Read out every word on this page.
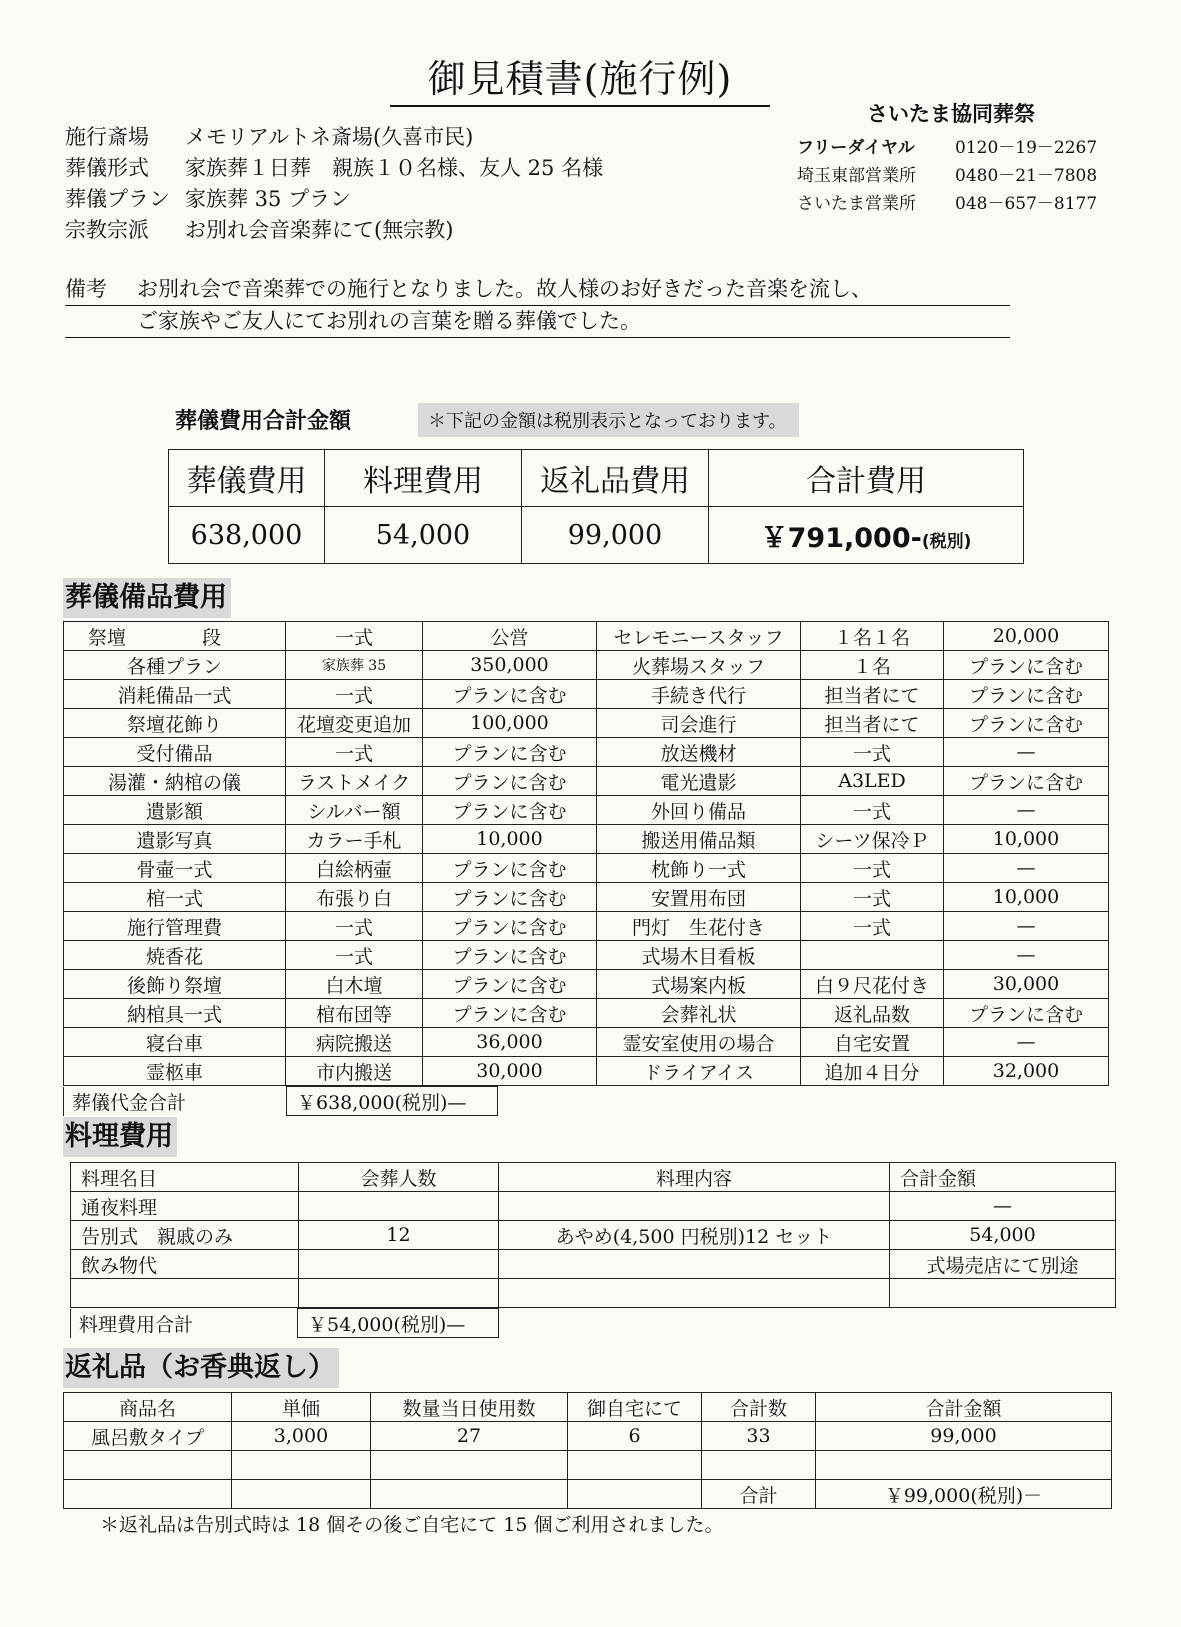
御見積書(施行例)
施行斎場 メモリアルトネ斎場(久喜市民)
葬儀形式 家族葬１日葬　親族１０名様、友人 25 名様
葬儀プラン 家族葬 35 プラン
宗教宗派 お別れ会音楽葬にて(無宗教)
さいたま協同葬祭
フリーダイヤル 0120－19－2267
埼玉東部営業所 0480－21－7808
さいたま営業所 048－657－8177
備考 お別れ会で音楽葬での施行となりました。故人様のお好きだった音楽を流し、
ご家族やご友人にてお別れの言葉を贈る葬儀でした。
葬儀費用合計金額	＊下記の金額は税別表示となっております。
葬儀費用	料理費用	返礼品費用	合計費用
638,000	54,000	99,000	￥791,000-(税別)
葬儀備品費用
祭壇　　　　段	一式	公営	セレモニースタッフ	１名１名	20,000
各種プラン	家族葬 35	350,000	火葬場スタッフ	１名	プランに含む
消耗備品一式	一式	プランに含む	手続き代行	担当者にて	プランに含む
祭壇花飾り	花壇変更追加	100,000	司会進行	担当者にて	プランに含む
受付備品	一式	プランに含む	放送機材	一式	—
湯灌・納棺の儀	ラストメイク	プランに含む	電光遺影	A3LED	プランに含む
遺影額	シルバー額	プランに含む	外回り備品	一式	—
遺影写真	カラー手札	10,000	搬送用備品類	シーツ保冷Ｐ	10,000
骨壷一式	白絵柄壷	プランに含む	枕飾り一式	一式	—
棺一式	布張り白	プランに含む	安置用布団	一式	10,000
施行管理費	一式	プランに含む	門灯　生花付き	一式	—
焼香花	一式	プランに含む	式場木目看板		—
後飾り祭壇	白木壇	プランに含む	式場案内板	白９尺花付き	30,000
納棺具一式	棺布団等	プランに含む	会葬礼状	返礼品数	プランに含む
寝台車	病院搬送	36,000	霊安室使用の場合	自宅安置	—
霊柩車	市内搬送	30,000	ドライアイス	追加４日分	32,000
葬儀代金合計	￥638,000(税別)—
料理費用
料理名目	会葬人数	料理内容	合計金額
通夜料理			—
告別式　親戚のみ	12	あやめ(4,500 円税別)12 セット	54,000
飲み物代			式場売店にて別途

料理費用合計	￥54,000(税別)—
返礼品（お香典返し）
商品名	単価	数量当日使用数	御自宅にて	合計数	合計金額
風呂敷タイプ	3,000	27	6	33	99,000

				合計	￥99,000(税別)－
＊返礼品は告別式時は 18 個その後ご自宅にて 15 個ご利用されました。
